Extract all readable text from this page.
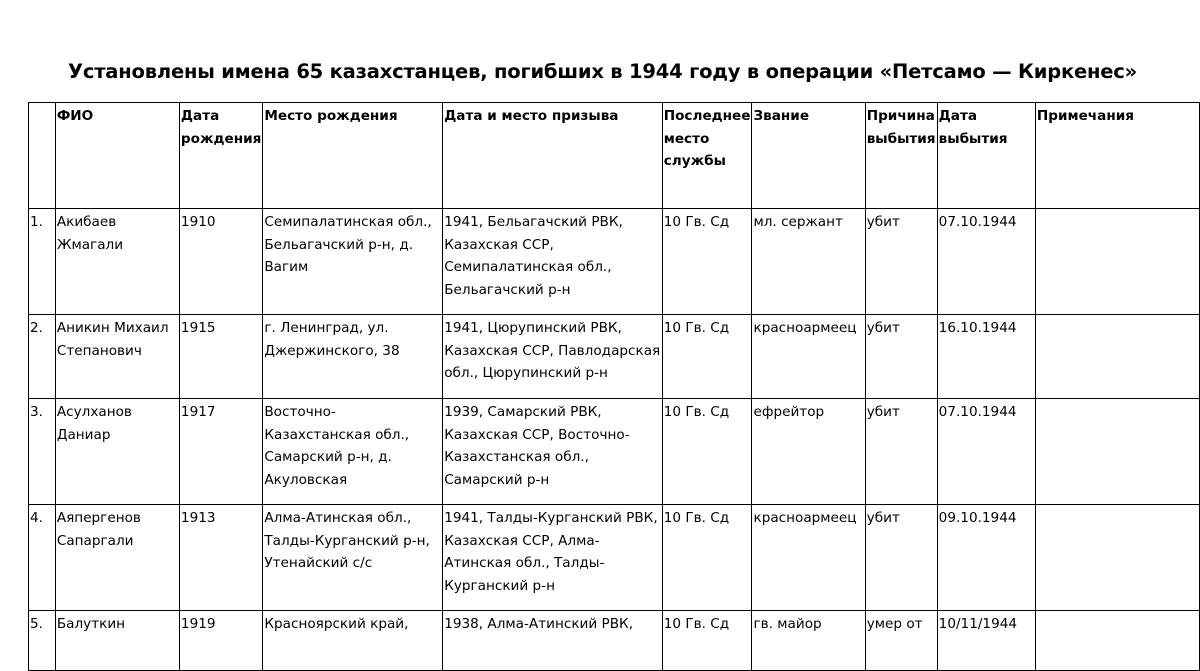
Установлены имена 65 казахстанцев, погибших в 1944 году в операции «Петсамо — Киркенес»
	ФИО	Дата рождения	Место рождения	Дата и место призыва	Последнее место службы	Звание	Причина выбытия	Дата выбытия	Примечания
1.	Акибаев Жмагали	1910	Семипалатинская обл., Бельагачский р-н, д. Вагим	1941, Бельагачский РВК, Казахская ССР, Семипалатинская обл., Бельагачский р-н	10 Гв. Сд	мл. сержант	убит	07.10.1944	
2.	Аникин Михаил Степанович	1915	г. Ленинград, ул. Джержинского, 38	1941, Цюрупинский РВК, Казахская ССР, Павлодарская обл., Цюрупинский р-н	10 Гв. Сд	красноармеец	убит	16.10.1944	
3.	Асулханов Даниар	1917	Восточно-Казахстанская обл., Самарский р-н, д. Акуловская	1939, Самарский РВК, Казахская ССР, Восточно-Казахстанская обл., Самарский р-н	10 Гв. Сд	ефрейтор	убит	07.10.1944	
4.	Аяпергенов Сапаргали	1913	Алма-Атинская обл., Талды-Курганский р-н, Утенайский с/с	1941, Талды-Курганский РВК, Казахская ССР, Алма-Атинская обл., Талды-Курганский р-н	10 Гв. Сд	красноармеец	убит	09.10.1944	
5.	Балуткин	1919	Красноярский край,	1938, Алма-Атинский РВК,	10 Гв. Сд	гв. майор	умер от	10/11/1944	
